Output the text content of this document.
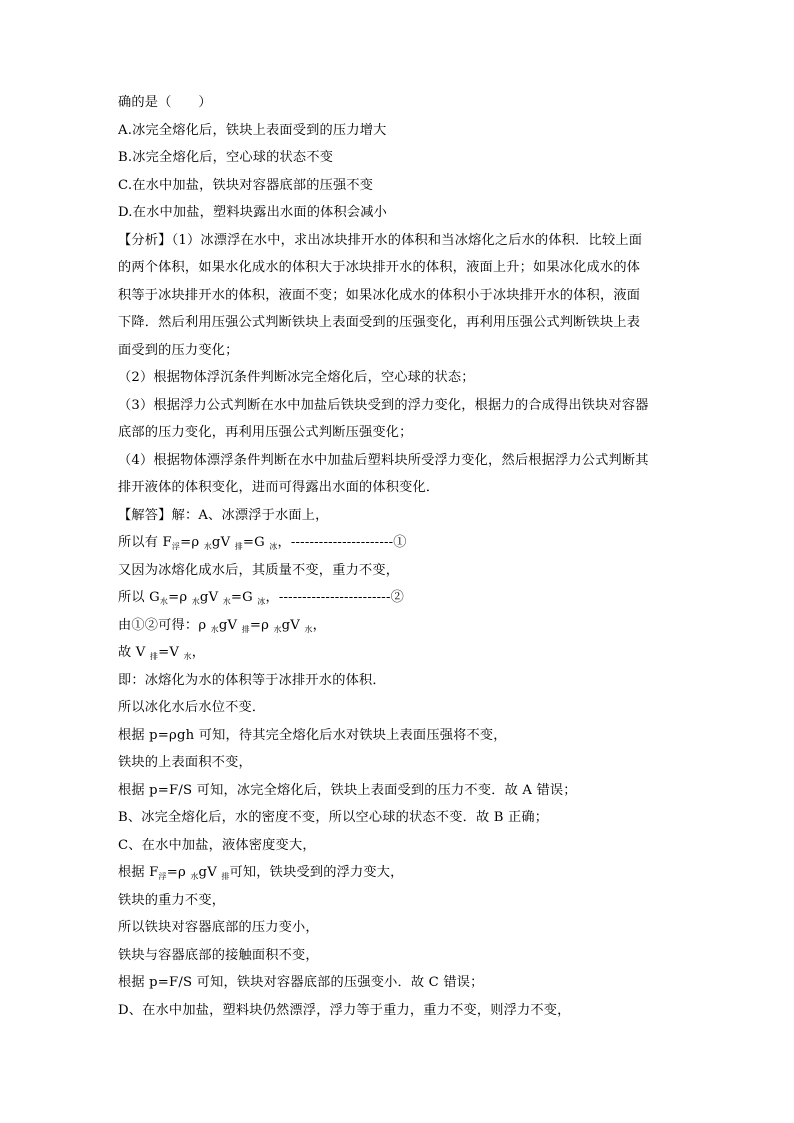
确的是（　　）
A.冰完全熔化后，铁块上表面受到的压力增大
B.冰完全熔化后，空心球的状态不变
C.在水中加盐，铁块对容器底部的压强不变
D.在水中加盐，塑料块露出水面的体积会减小
【分析】（1）冰漂浮在水中，求出冰块排开水的体积和当冰熔化之后水的体积．比较上面
的两个体积，如果水化成水的体积大于冰块排开水的体积，液面上升；如果冰化成水的体
积等于冰块排开水的体积，液面不变；如果冰化成水的体积小于冰块排开水的体积，液面
下降．然后利用压强公式判断铁块上表面受到的压强变化，再利用压强公式判断铁块上表
面受到的压力变化；
（2）根据物体浮沉条件判断冰完全熔化后，空心球的状态；
（3）根据浮力公式判断在水中加盐后铁块受到的浮力变化，根据力的合成得出铁块对容器
底部的压力变化，再利用压强公式判断压强变化；
（4）根据物体漂浮条件判断在水中加盐后塑料块所受浮力变化，然后根据浮力公式判断其
排开液体的体积变化，进而可得露出水面的体积变化．
【解答】解：A、冰漂浮于水面上，
所以有 $F_浮=\rho$ $_水$gV $_排$=G $_冰$，----------------------①
又因为冰熔化成水后，其质量不变，重力不变，
所以 $G_水=\rho$ $_水$gV $_水$=G $_冰$，------------------------②
由①②可得：ρ $_水$gV $_排$=ρ $_水$gV $_水$，
故 V $_排$=V $_水$，
即：冰熔化为水的体积等于冰排开水的体积．
所以冰化水后水位不变．
根据 p=ρgh 可知，待其完全熔化后水对铁块上表面压强将不变，
铁块的上表面积不变，
根据 p=F/S 可知，冰完全熔化后，铁块上表面受到的压力不变．故 A 错误；
B、冰完全熔化后，水的密度不变，所以空心球的状态不变．故 B 正确；
C、在水中加盐，液体密度变大，
根据 $F_浮=\rho$ $_水$gV $_排$可知，铁块受到的浮力变大，
铁块的重力不变，
所以铁块对容器底部的压力变小，
铁块与容器底部的接触面积不变，
根据 p=F/S 可知，铁块对容器底部的压强变小．故 C 错误；
D、在水中加盐，塑料块仍然漂浮，浮力等于重力，重力不变，则浮力不变，
